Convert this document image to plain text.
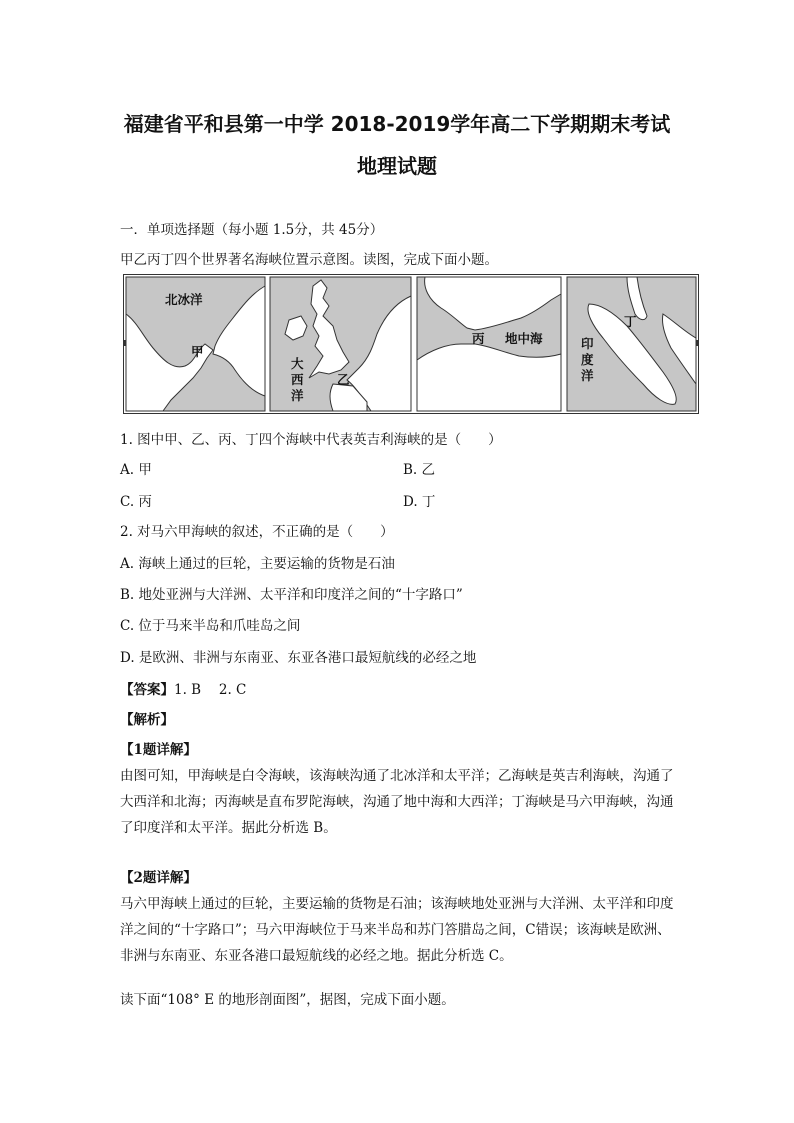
福建省平和县第一中学 2018-2019学年高二下学期期末考试
地理试题
一．单项选择题（每小题 1.5分，共 45分）
甲乙丙丁四个世界著名海峡位置示意图。读图，完成下面小题。
北冰洋
甲
大
西
洋
乙
丙 地中海
丁
印
度
洋
1. 图中甲、乙、丙、丁四个海峡中代表英吉利海峡的是（　　）
A. 甲	B. 乙
C. 丙	D. 丁
2. 对马六甲海峡的叙述，不正确的是（　　）
A. 海峡上通过的巨轮，主要运输的货物是石油
B. 地处亚洲与大洋洲、太平洋和印度洋之间的“十字路口”
C. 位于马来半岛和爪哇岛之间
D. 是欧洲、非洲与东南亚、东亚各港口最短航线的必经之地
【答案】1. B　 2. C
【解析】
【1题详解】
由图可知，甲海峡是白令海峡，该海峡沟通了北冰洋和太平洋；乙海峡是英吉利海峡，沟通了大西洋和北海；丙海峡是直布罗陀海峡，沟通了地中海和大西洋；丁海峡是马六甲海峡，沟通了印度洋和太平洋。据此分析选 B。
【2题详解】
马六甲海峡上通过的巨轮，主要运输的货物是石油；该海峡地处亚洲与大洋洲、太平洋和印度洋之间的“十字路口”；马六甲海峡位于马来半岛和苏门答腊岛之间，C错误；该海峡是欧洲、非洲与东南亚、东亚各港口最短航线的必经之地。据此分析选 C。
读下面“108° E 的地形剖面图”，据图，完成下面小题。
